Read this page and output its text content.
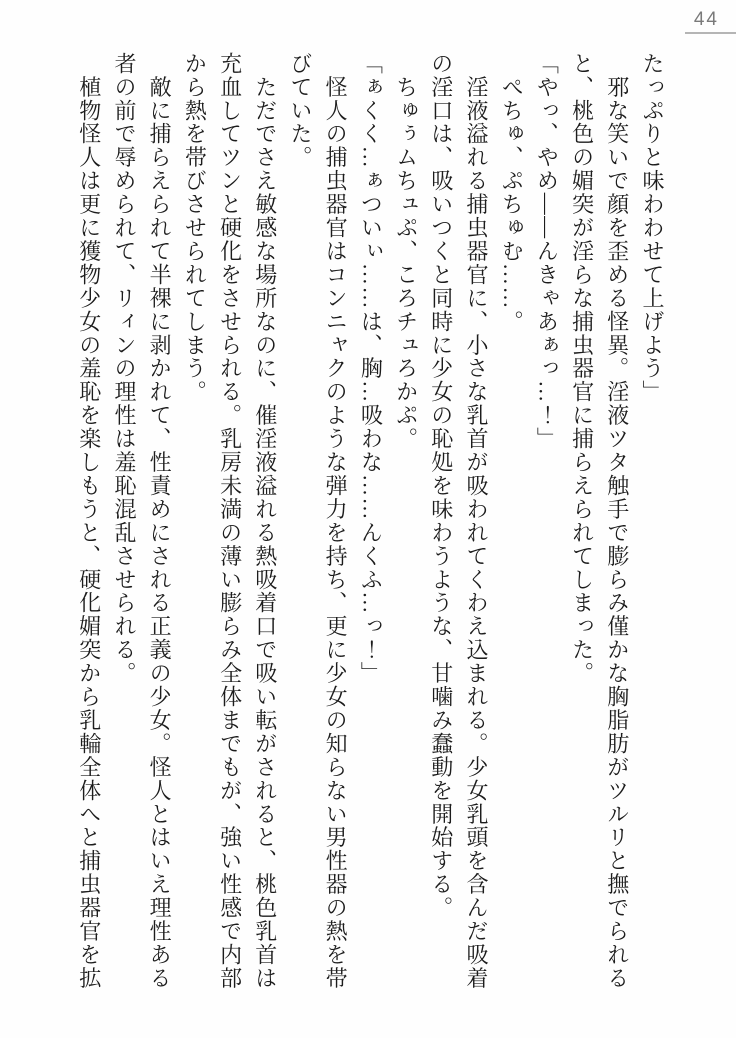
44
たっぷりと味わわせて上げよう」
　邪な笑いで顔を歪める怪異。淫液ツタ触手で膨らみ僅かな胸脂肪がツルリと撫でられる
と、桃色の媚突が淫らな捕虫器官に捕らえられてしまった。
「やっ、やめ――んきゃあぁっ…！」
　ぺちゅ、ぷちゅむ……。
　淫液溢れる捕虫器官に、小さな乳首が吸われてくわえ込まれる。少女乳頭を含んだ吸着
の淫口は、吸いつくと同時に少女の恥処を味わうような、甘噛み蠢動を開始する。
　ちゅぅムちュぷ、ころチュろかぷ。
「ぁくく…ぁついぃ……は、胸…吸わな……んくふ…っ！」
　怪人の捕虫器官はコンニャクのような弾力を持ち、更に少女の知らない男性器の熱を帯
びていた。
　ただでさえ敏感な場所なのに、催淫液溢れる熱吸着口で吸い転がされると、桃色乳首は
充血してツンと硬化をさせられる。乳房未満の薄い膨らみ全体までもが、強い性感で内部
から熱を帯びさせられてしまう。
　敵に捕らえられて半裸に剥かれて、性責めにされる正義の少女。怪人とはいえ理性ある
者の前で辱められて、リィンの理性は羞恥混乱させられる。
　植物怪人は更に獲物少女の羞恥を楽しもうと、硬化媚突から乳輪全体へと捕虫器官を拡
